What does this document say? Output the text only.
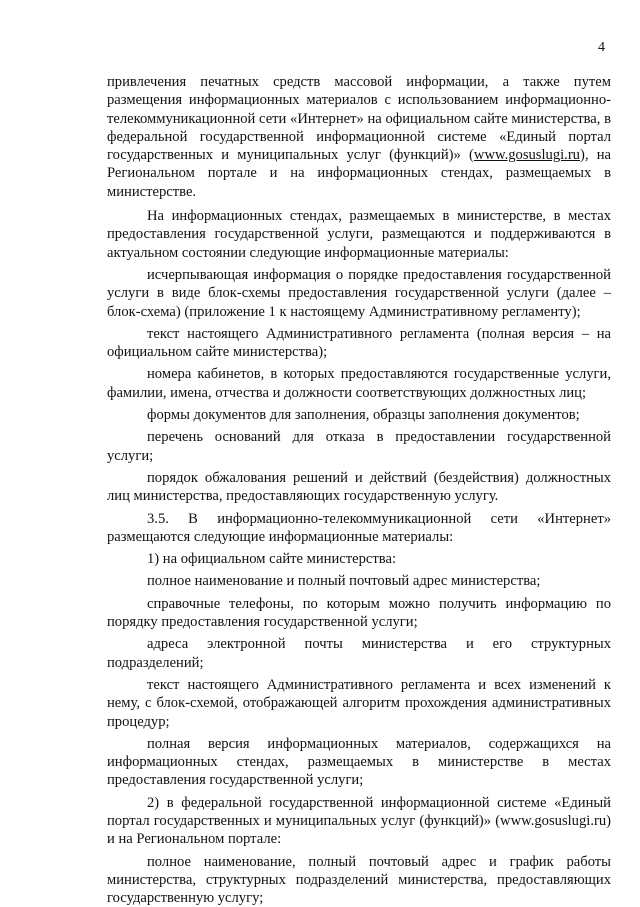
4

привлечения печатных средств массовой информации, а также путем размещения информационных материалов с использованием информационно-телекоммуникационной сети «Интернет» на официальном сайте министерства, в федеральной государственной информационной системе «Единый портал государственных и муниципальных услуг (функций)» (www.gosuslugi.ru), на Региональном портале и на информационных стендах, размещаемых в министерстве.

На информационных стендах, размещаемых в министерстве, в местах предоставления государственной услуги, размещаются и поддерживаются в актуальном состоянии следующие информационные материалы:

исчерпывающая информация о порядке предоставления государственной услуги в виде блок-схемы предоставления государственной услуги (далее – блок-схема) (приложение 1 к настоящему Административному регламенту);

текст настоящего Административного регламента (полная версия – на официальном сайте министерства);

номера кабинетов, в которых предоставляются государственные услуги, фамилии, имена, отчества и должности соответствующих должностных лиц;

формы документов для заполнения, образцы заполнения документов;

перечень оснований для отказа в предоставлении государственной услуги;

порядок обжалования решений и действий (бездействия) должностных лиц министерства, предоставляющих государственную услугу.

3.5. В информационно-телекоммуникационной сети «Интернет» размещаются следующие информационные материалы:

1) на официальном сайте министерства:

полное наименование и полный почтовый адрес министерства;

справочные телефоны, по которым можно получить информацию по порядку предоставления государственной услуги;

адреса электронной почты министерства и его структурных подразделений;

текст настоящего Административного регламента и всех изменений к нему, с блок-схемой, отображающей алгоритм прохождения административных процедур;

полная версия информационных материалов, содержащихся на информационных стендах, размещаемых в министерстве в местах предоставления государственной услуги;

2) в федеральной государственной информационной системе «Единый портал государственных и муниципальных услуг (функций)» (www.gosuslugi.ru) и на Региональном портале:

полное наименование, полный почтовый адрес и график работы министерства, структурных подразделений министерства, предоставляющих государственную услугу;
